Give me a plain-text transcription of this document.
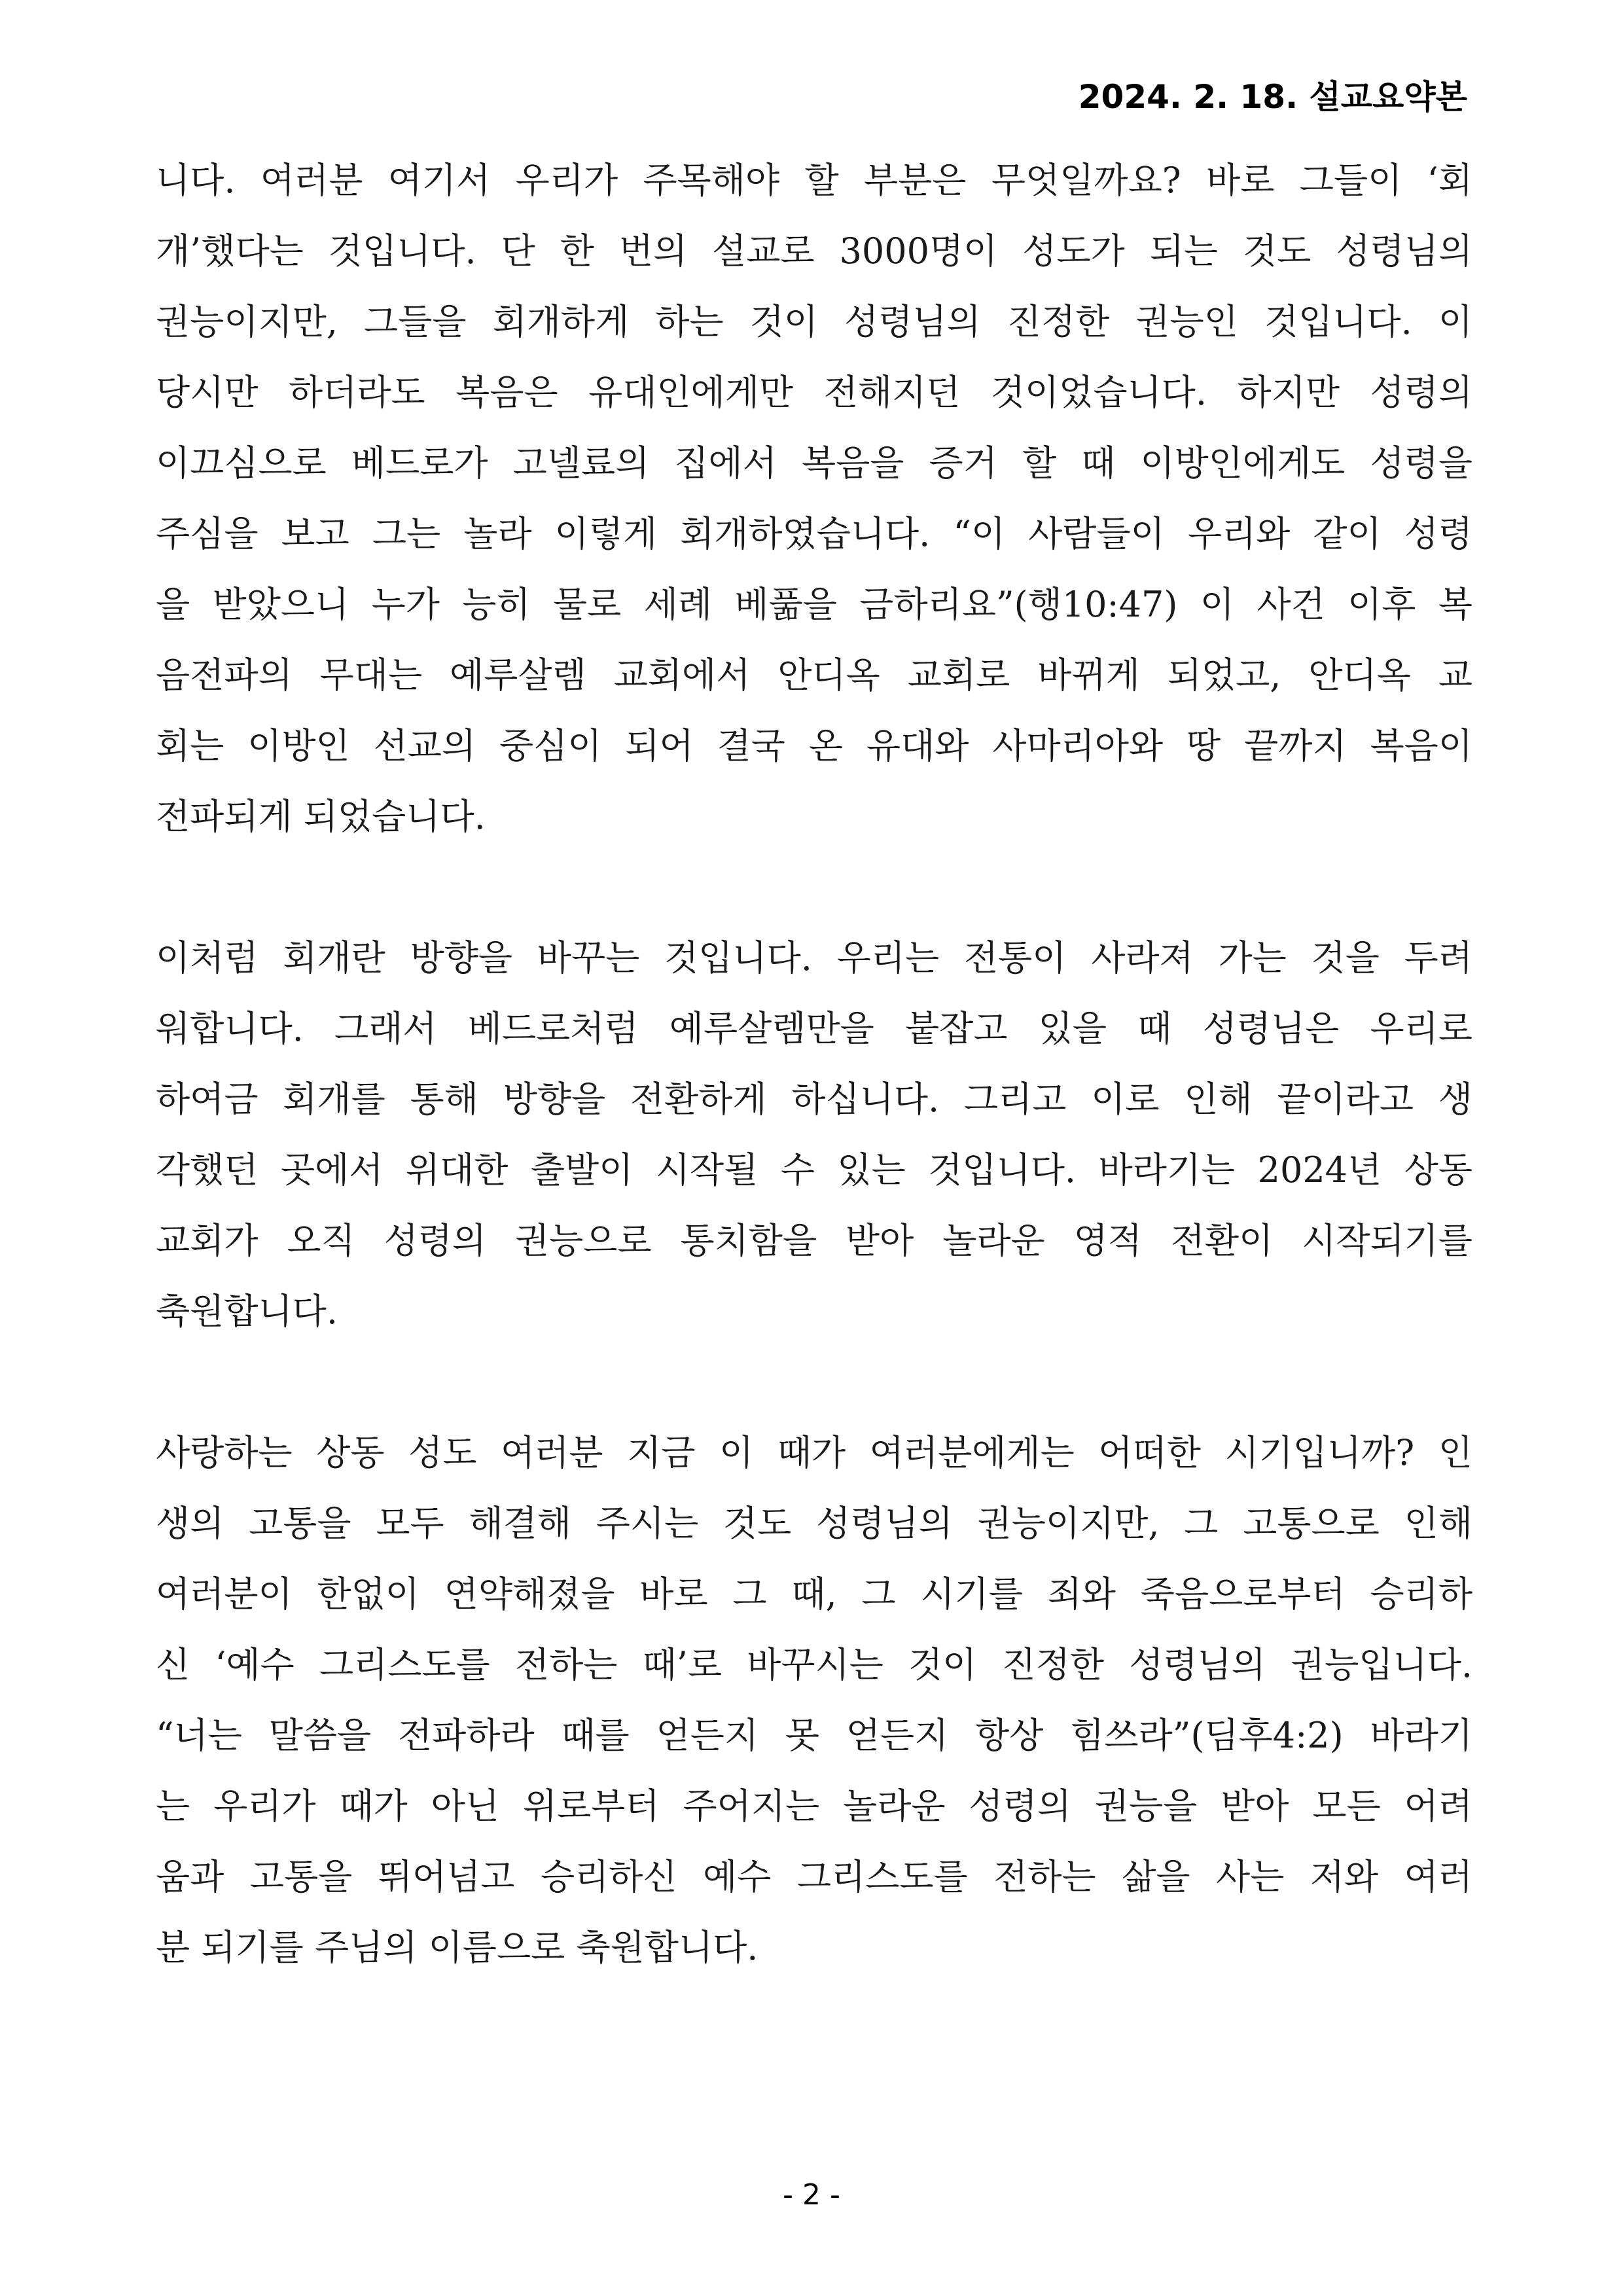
2024. 2. 18. 설교요약본
니다. 여러분 여기서 우리가 주목해야 할 부분은 무엇일까요? 바로 그들이 ‘회
개’했다는 것입니다. 단 한 번의 설교로 3000명이 성도가 되는 것도 성령님의
권능이지만, 그들을 회개하게 하는 것이 성령님의 진정한 권능인 것입니다. 이
당시만 하더라도 복음은 유대인에게만 전해지던 것이었습니다. 하지만 성령의
이끄심으로 베드로가 고넬료의 집에서 복음을 증거 할 때 이방인에게도 성령을
주심을 보고 그는 놀라 이렇게 회개하였습니다. “이 사람들이 우리와 같이 성령
을 받았으니 누가 능히 물로 세례 베풂을 금하리요”(행10:47) 이 사건 이후 복
음전파의 무대는 예루살렘 교회에서 안디옥 교회로 바뀌게 되었고, 안디옥 교
회는 이방인 선교의 중심이 되어 결국 온 유대와 사마리아와 땅 끝까지 복음이
전파되게 되었습니다.
이처럼 회개란 방향을 바꾸는 것입니다. 우리는 전통이 사라져 가는 것을 두려
워합니다. 그래서 베드로처럼 예루살렘만을 붙잡고 있을 때 성령님은 우리로
하여금 회개를 통해 방향을 전환하게 하십니다. 그리고 이로 인해 끝이라고 생
각했던 곳에서 위대한 출발이 시작될 수 있는 것입니다. 바라기는 2024년 상동
교회가 오직 성령의 권능으로 통치함을 받아 놀라운 영적 전환이 시작되기를
축원합니다.
사랑하는 상동 성도 여러분 지금 이 때가 여러분에게는 어떠한 시기입니까? 인
생의 고통을 모두 해결해 주시는 것도 성령님의 권능이지만, 그 고통으로 인해
여러분이 한없이 연약해졌을 바로 그 때, 그 시기를 죄와 죽음으로부터 승리하
신 ‘예수 그리스도를 전하는 때’로 바꾸시는 것이 진정한 성령님의 권능입니다.
“너는 말씀을 전파하라 때를 얻든지 못 얻든지 항상 힘쓰라”(딤후4:2) 바라기
는 우리가 때가 아닌 위로부터 주어지는 놀라운 성령의 권능을 받아 모든 어려
움과 고통을 뛰어넘고 승리하신 예수 그리스도를 전하는 삶을 사는 저와 여러
분 되기를 주님의 이름으로 축원합니다.
- 2 -
